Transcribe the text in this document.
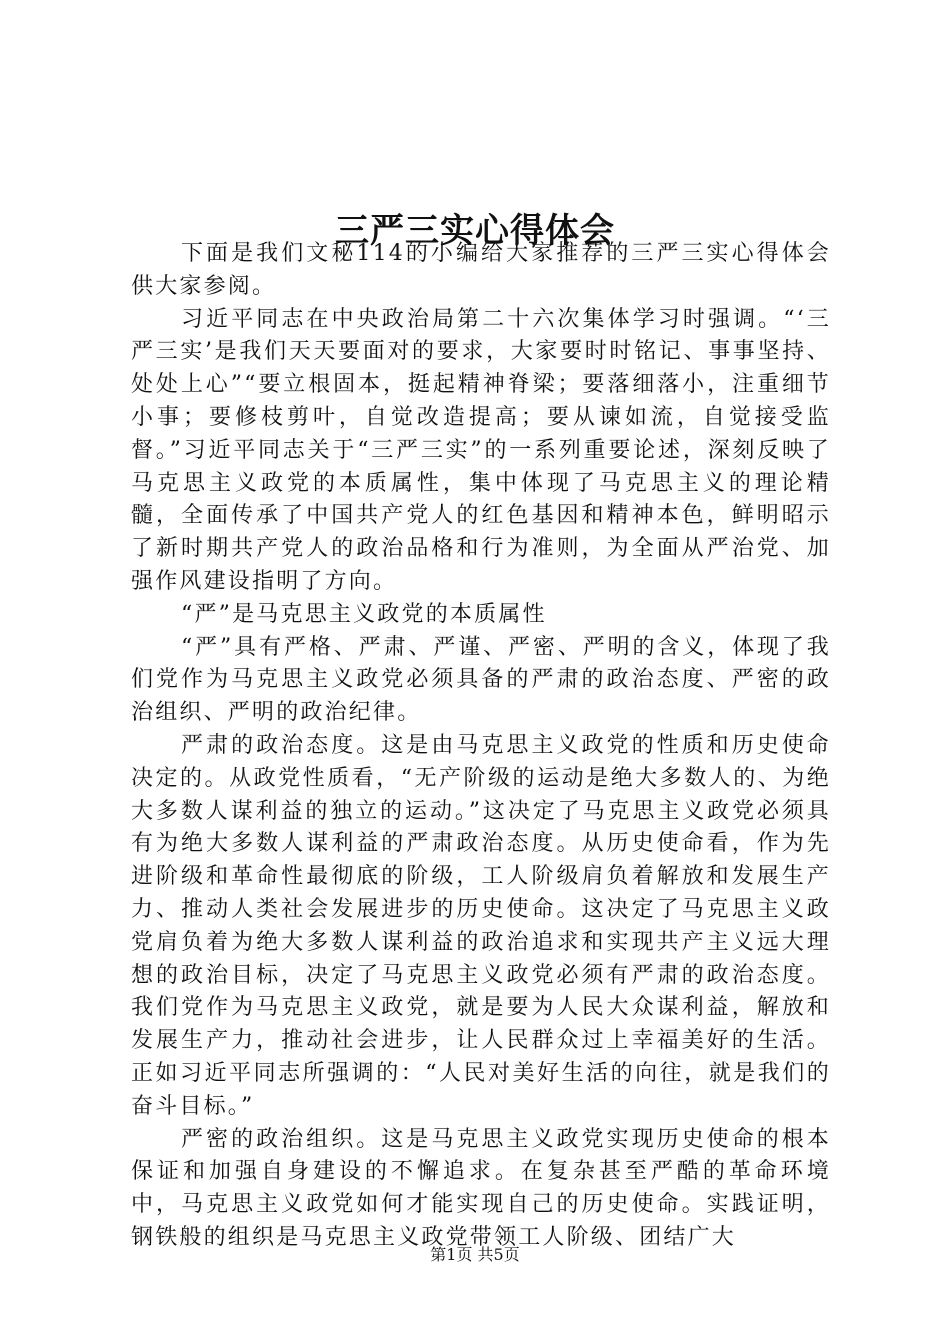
三严三实心得体会

下面是我们文秘114的小编给大家推荐的三严三实心得体会供大家参阅。

习近平同志在中央政治局第二十六次集体学习时强调。“‘三严三实’是我们天天要面对的要求，大家要时时铭记、事事坚持、处处上心”“要立根固本，挺起精神脊梁；要落细落小，注重细节小事；要修枝剪叶，自觉改造提高；要从谏如流，自觉接受监督。”习近平同志关于“三严三实”的一系列重要论述，深刻反映了马克思主义政党的本质属性，集中体现了马克思主义的理论精髓，全面传承了中国共产党人的红色基因和精神本色，鲜明昭示了新时期共产党人的政治品格和行为准则，为全面从严治党、加强作风建设指明了方向。

“严”是马克思主义政党的本质属性

“严”具有严格、严肃、严谨、严密、严明的含义，体现了我们党作为马克思主义政党必须具备的严肃的政治态度、严密的政治组织、严明的政治纪律。

严肃的政治态度。这是由马克思主义政党的性质和历史使命决定的。从政党性质看，“无产阶级的运动是绝大多数人的、为绝大多数人谋利益的独立的运动。”这决定了马克思主义政党必须具有为绝大多数人谋利益的严肃政治态度。从历史使命看，作为先进阶级和革命性最彻底的阶级，工人阶级肩负着解放和发展生产力、推动人类社会发展进步的历史使命。这决定了马克思主义政党肩负着为绝大多数人谋利益的政治追求和实现共产主义远大理想的政治目标，决定了马克思主义政党必须有严肃的政治态度。我们党作为马克思主义政党，就是要为人民大众谋利益，解放和发展生产力，推动社会进步，让人民群众过上幸福美好的生活。正如习近平同志所强调的：“人民对美好生活的向往，就是我们的奋斗目标。”

严密的政治组织。这是马克思主义政党实现历史使命的根本保证和加强自身建设的不懈追求。在复杂甚至严酷的革命环境中，马克思主义政党如何才能实现自己的历史使命。实践证明，钢铁般的组织是马克思主义政党带领工人阶级、团结广大

第1页 共5页
